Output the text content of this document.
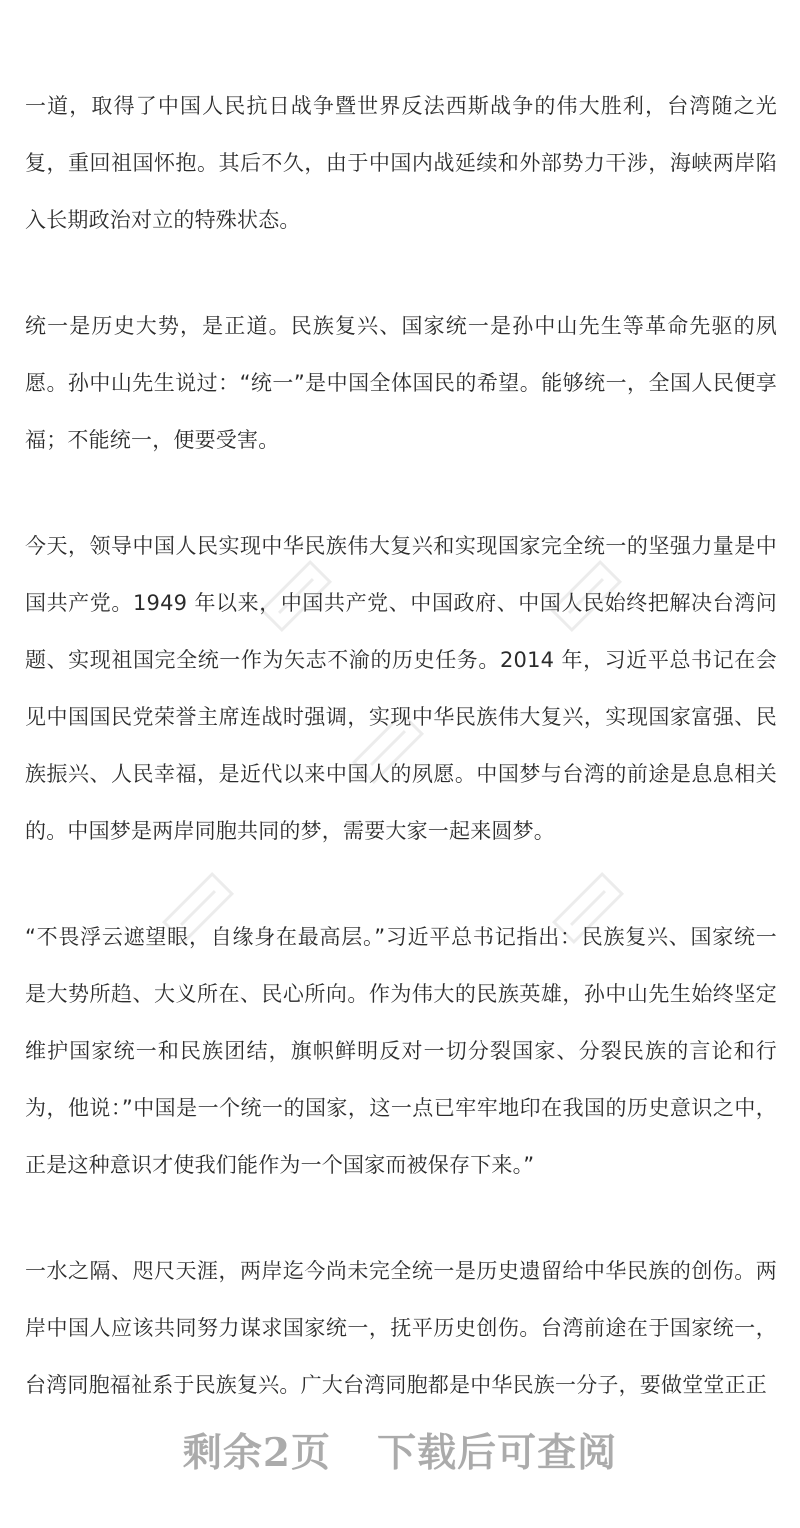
一道，取得了中国人民抗日战争暨世界反法西斯战争的伟大胜利，台湾随之光复，重回祖国怀抱。其后不久，由于中国内战延续和外部势力干涉，海峡两岸陷入长期政治对立的特殊状态。

统一是历史大势，是正道。民族复兴、国家统一是孙中山先生等革命先驱的夙愿。孙中山先生说过：“统一”是中国全体国民的希望。能够统一，全国人民便享福；不能统一，便要受害。

今天，领导中国人民实现中华民族伟大复兴和实现国家完全统一的坚强力量是中国共产党。1949 年以来，中国共产党、中国政府、中国人民始终把解决台湾问题、实现祖国完全统一作为矢志不渝的历史任务。2014 年，习近平总书记在会见中国国民党荣誉主席连战时强调，实现中华民族伟大复兴，实现国家富强、民族振兴、人民幸福，是近代以来中国人的夙愿。中国梦与台湾的前途是息息相关的。中国梦是两岸同胞共同的梦，需要大家一起来圆梦。

“不畏浮云遮望眼，自缘身在最高层。”习近平总书记指出：民族复兴、国家统一是大势所趋、大义所在、民心所向。作为伟大的民族英雄，孙中山先生始终坚定维护国家统一和民族团结，旗帜鲜明反对一切分裂国家、分裂民族的言论和行为，他说：”中国是一个统一的国家，这一点已牢牢地印在我国的历史意识之中，正是这种意识才使我们能作为一个国家而被保存下来。”

一水之隔、咫尺天涯，两岸迄今尚未完全统一是历史遗留给中华民族的创伤。两岸中国人应该共同努力谋求国家统一，抚平历史创伤。台湾前途在于国家统一，台湾同胞福祉系于民族复兴。广大台湾同胞都是中华民族一分子，要做堂堂正正

剩余2页 下载后可查阅
